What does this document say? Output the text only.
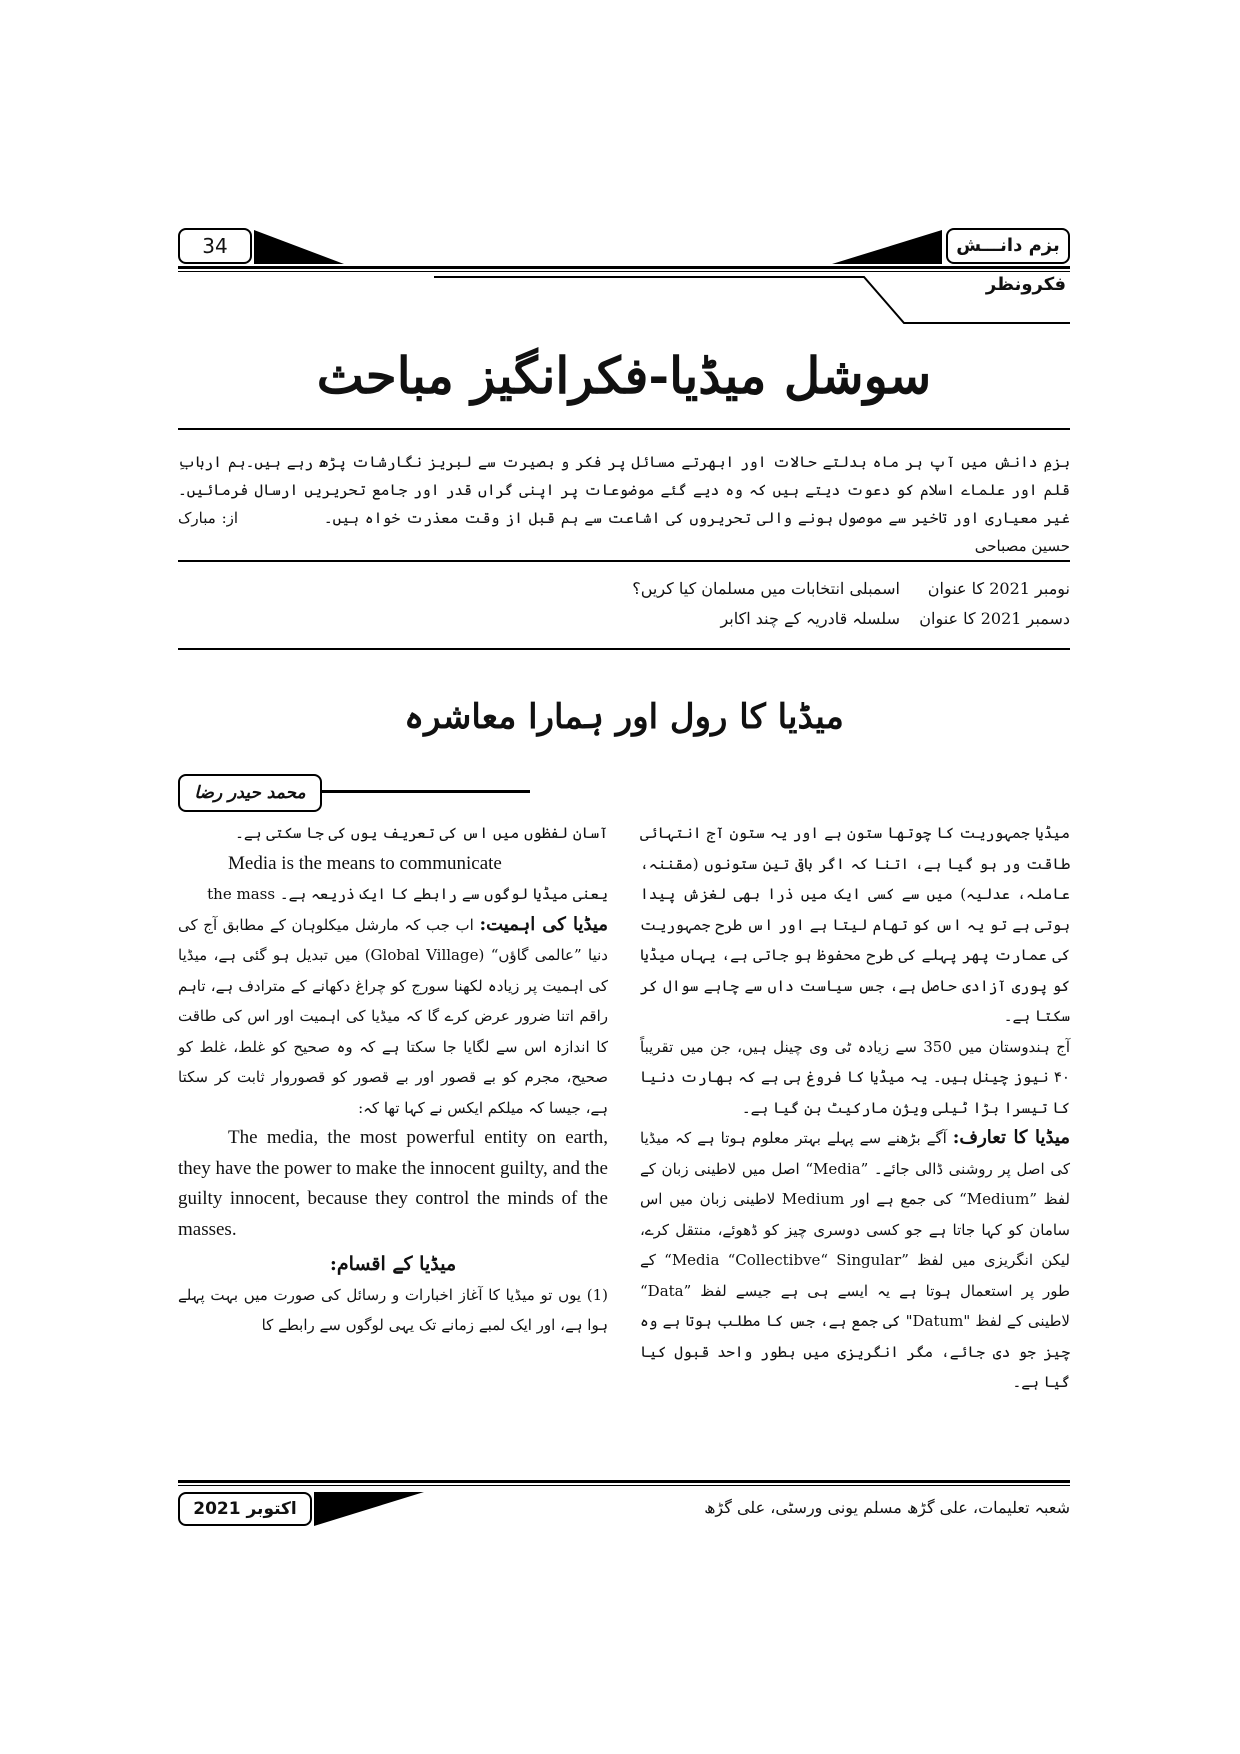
34	بزم دانـــش
فکرونظر
سوشل میڈیا-فکرانگیز مباحث
بزمِ دانش میں آپ ہر ماہ بدلتے حالات اور ابھرتے مسائل پر فکر و بصیرت سے لبریز نگارشات پڑھ رہے ہیں۔ہم اربابِ قلم اور علماے اسلام کو دعوت دیتے ہیں کہ وہ دیے گئے موضوعات پر اپنی گراں قدر اور جامع تحریریں ارسال فرمائیں۔ غیر معیاری اور تاخیر سے موصول ہونے والی تحریروں کی اشاعت سے ہم قبل از وقت معذرت خواہ ہیں۔ از: مبارک حسین مصباحی
نومبر 2021 کا عنوان
اسمبلی انتخابات میں مسلمان کیا کریں؟
دسمبر 2021 کا عنوان
سلسلہ قادریہ کے چند اکابر
میڈیا کا رول اور ہمارا معاشرہ
محمد حیدر رضا

میڈیا جمہوریت کا چوتھا ستون ہے اور یہ ستون آج انتہائی طاقت ور ہو گیا ہے، اتنا کہ اگر باقی تین ستونوں (مقننہ، عاملہ، عدلیہ) میں سے کسی ایک میں ذرا بھی لغزش پیدا ہوتی ہے تو یہ اس کو تھام لیتا ہے اور اس طرح جمہوریت کی عمارت پھر پہلے کی طرح محفوظ ہو جاتی ہے، یہاں میڈیا کو پوری آزادی حاصل ہے، جس سیاست داں سے چاہے سوال کر سکتا ہے۔

آج ہندوستان میں 350 سے زیادہ ٹی وی چینل ہیں، جن میں تقریباً ۴۰ نیوز چینل ہیں۔ یہ میڈیا کا فروغ ہی ہے کہ بھارت دنیا کا تیسرا بڑا ٹیلی ویژن مارکیٹ بن گیا ہے۔

میڈیا کا تعارف: آگے بڑھنے سے پہلے بہتر معلوم ہوتا ہے کہ میڈیا کی اصل پر روشنی ڈالی جائے۔ ”Media“ اصل میں لاطینی زبان کے لفظ ”Medium“ کی جمع ہے اور Medium لاطینی زبان میں اس سامان کو کہا جاتا ہے جو کسی دوسری چیز کو ڈھوئے، منتقل کرے، لیکن انگریزی میں لفظ ”Media “Collectibve“ Singular“ کے طور پر استعمال ہوتا ہے یہ ایسے ہی ہے جیسے لفظ ”Data“ لاطینی کے لفظ "Datum" کی جمع ہے، جس کا مطلب ہوتا ہے وہ چیز جو دی جائے، مگر انگریزی میں بطور واحد قبول کیا گیا ہے۔

آسان لفظوں میں اس کی تعریف یوں کی جا سکتی ہے۔

Media is the means to communicate

یعنی میڈیا لوگوں سے رابطے کا ایک ذریعہ ہے۔ the mass

میڈیا کی اہمیت: اب جب کہ مارشل میکلوہان کے مطابق آج کی دنیا ”عالمی گاؤں“ (Global Village) میں تبدیل ہو گئی ہے، میڈیا کی اہمیت پر زیادہ لکھنا سورج کو چراغ دکھانے کے مترادف ہے، تاہم راقم اتنا ضرور عرض کرے گا کہ میڈیا کی اہمیت اور اس کی طاقت کا اندازہ اس سے لگایا جا سکتا ہے کہ وہ صحیح کو غلط، غلط کو صحیح، مجرم کو بے قصور اور بے قصور کو قصوروار ثابت کر سکتا ہے، جیسا کہ میلکم ایکس نے کہا تھا کہ:

The media, the most powerful entity on earth, they have the power to make the innocent guilty, and the guilty innocent, because they control the minds of the masses.

میڈیا کے اقسام:

(1) یوں تو میڈیا کا آغاز اخبارات و رسائل کی صورت میں بہت پہلے ہوا ہے، اور ایک لمبے زمانے تک یہی لوگوں سے رابطے کا

اکتوبر 2021	شعبہ تعلیمات، علی گڑھ مسلم یونی ورسٹی، علی گڑھ
